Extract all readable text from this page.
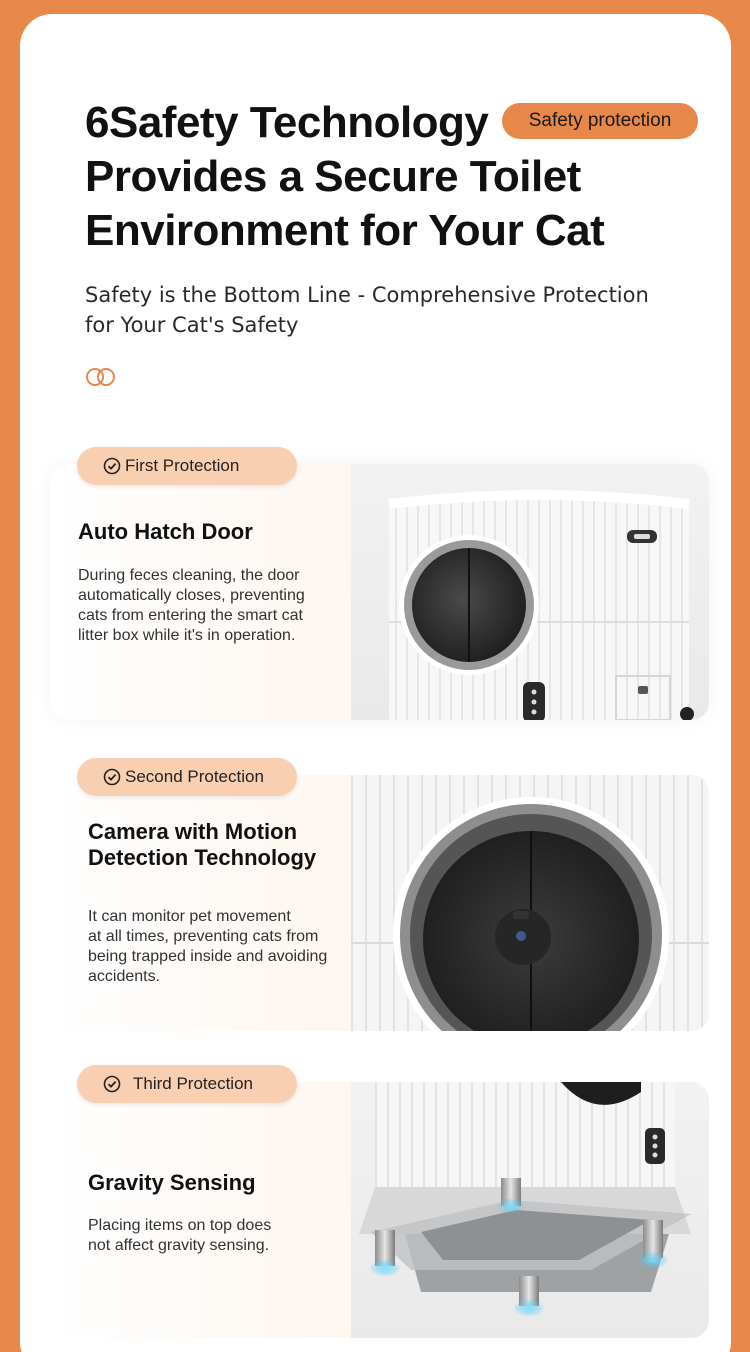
6Safety Technology
Provides a Secure Toilet
Environment for Your Cat
Safety protection

Safety is the Bottom Line - Comprehensive Protection
for Your Cat's Safety

Auto Hatch Door
During feces cleaning, the door
automatically closes, preventing
cats from entering the smart cat
litter box while it's in operation.
First Protection
Camera with Motion
Detection Technology
It can monitor pet movement
at all times, preventing cats from
being trapped inside and avoiding
accidents.
Second Protection
Gravity Sensing
Placing items on top does
not affect gravity sensing.
Third Protection
